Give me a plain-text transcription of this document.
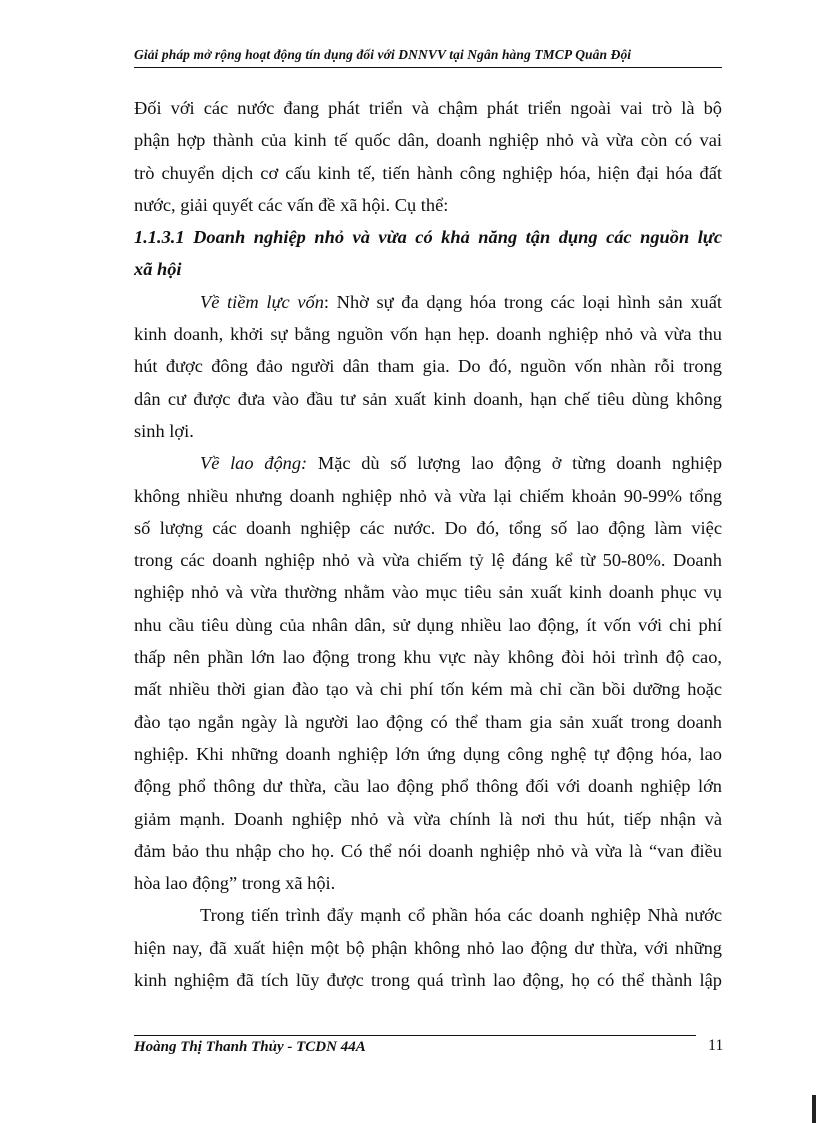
Giải pháp mở rộng hoạt động tín dụng đối với DNNVV tại Ngân hàng TMCP Quân Đội
Đối với các nước đang phát triển và chậm phát triển ngoài vai trò là bộ
phận hợp thành của kinh tế quốc dân, doanh nghiệp nhỏ và vừa còn có vai
trò chuyển dịch cơ cấu kinh tế, tiến hành công nghiệp hóa, hiện đại hóa đất
nước, giải quyết các vấn đề xã hội. Cụ thể:
1.1.3.1 Doanh nghiệp nhỏ và vừa có khả năng tận dụng các nguồn lực
xã hội
Về tiềm lực vốn: Nhờ sự đa dạng hóa trong các loại hình sản xuất
kinh doanh, khởi sự bằng nguồn vốn hạn hẹp. doanh nghiệp nhỏ và vừa thu
hút được đông đảo người dân tham gia. Do đó, nguồn vốn nhàn rỗi trong
dân cư được đưa vào đầu tư sản xuất kinh doanh, hạn chế tiêu dùng không
sinh lợi.
Về lao động: Mặc dù số lượng lao động ở từng doanh nghiệp
không nhiều nhưng doanh nghiệp nhỏ và vừa lại chiếm khoản 90-99% tổng
số lượng các doanh nghiệp các nước. Do đó, tổng số lao động làm việc
trong các doanh nghiệp nhỏ và vừa chiếm tỷ lệ đáng kể từ 50-80%. Doanh
nghiệp nhỏ và vừa thường nhằm vào mục tiêu sản xuất kinh doanh phục vụ
nhu cầu tiêu dùng của nhân dân, sử dụng nhiều lao động, ít vốn với chi phí
thấp nên phần lớn lao động trong khu vực này không đòi hỏi trình độ cao,
mất nhiều thời gian đào tạo và chi phí tốn kém mà chỉ cần bồi dưỡng hoặc
đào tạo ngắn ngày là người lao động có thể tham gia sản xuất trong doanh
nghiệp. Khi những doanh nghiệp lớn ứng dụng công nghệ tự động hóa, lao
động phổ thông dư thừa, cầu lao động phổ thông đối với doanh nghiệp lớn
giảm mạnh. Doanh nghiệp nhỏ và vừa chính là nơi thu hút, tiếp nhận và
đảm bảo thu nhập cho họ. Có thể nói doanh nghiệp nhỏ và vừa là “van điều
hòa lao động” trong xã hội.
Trong tiến trình đẩy mạnh cổ phần hóa các doanh nghiệp Nhà nước
hiện nay, đã xuất hiện một bộ phận không nhỏ lao động dư thừa, với những
kinh nghiệm đã tích lũy được trong quá trình lao động, họ có thể thành lập
Hoàng Thị Thanh Thủy - TCDN 44A	11
